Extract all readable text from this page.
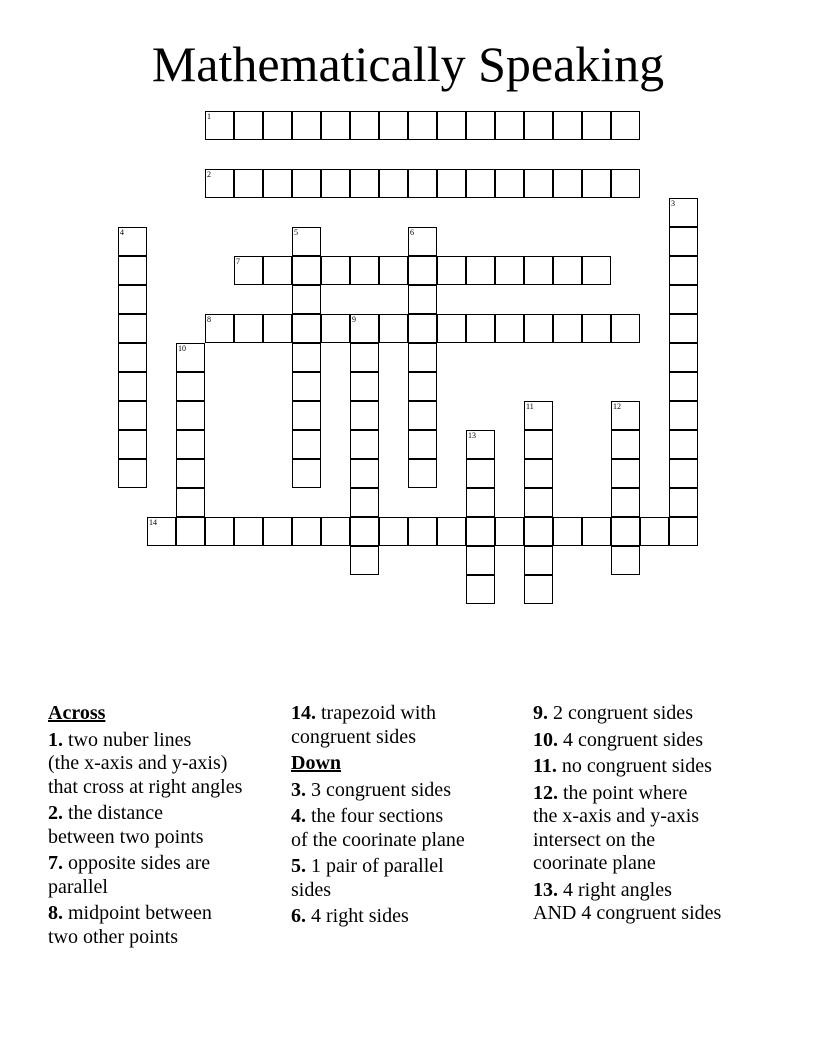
Mathematically Speaking
1
2
3
4	5	6
7
8	9
10
11	12
13
14
Across
1. two nuber lines
(the x-axis and y-axis)
that cross at right angles
2. the distance
between two points
7. opposite sides are
parallel
8. midpoint between
two other points
14. trapezoid with
congruent sides
Down
3. 3 congruent sides
4. the four sections
of the coorinate plane
5. 1 pair of parallel
sides
6. 4 right sides
9. 2 congruent sides
10. 4 congruent sides
11. no congruent sides
12. the point where
the x-axis and y-axis
intersect on the
coorinate plane
13. 4 right angles
AND 4 congruent sides
